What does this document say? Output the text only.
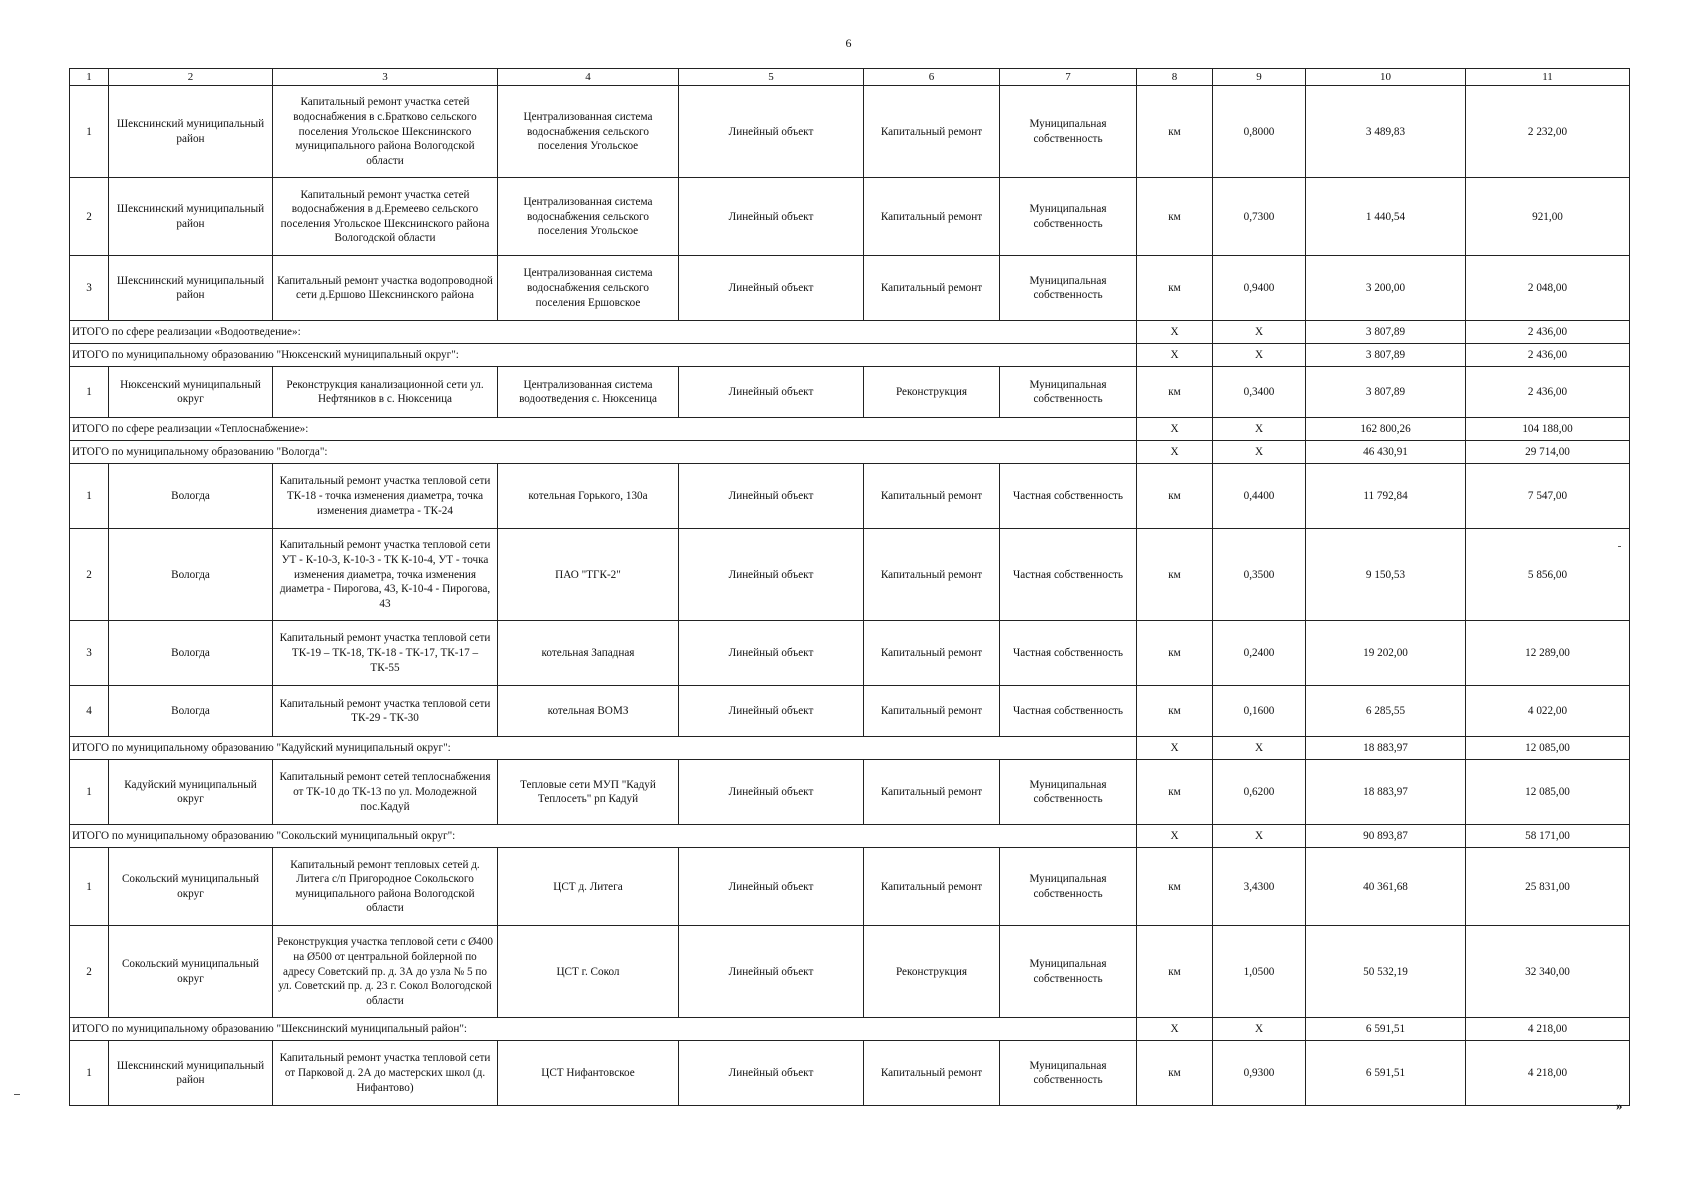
6
1	2	3	4	5	6	7	8	9	10	11
1	Шекснинский муниципальный район	Капитальный ремонт участка сетей водоснабжения в с.Братково сельского поселения Угольское Шекснинского муниципального района Вологодской области	Централизованная система водоснабжения сельского поселения Угольское	Линейный объект	Капитальный ремонт	Муниципальная собственность	км	0,8000	3 489,83	2 232,00
2	Шекснинский муниципальный район	Капитальный ремонт участка сетей водоснабжения в д.Еремеево сельского поселения Угольское Шекснинского района Вологодской области	Централизованная система водоснабжения сельского поселения Угольское	Линейный объект	Капитальный ремонт	Муниципальная собственность	км	0,7300	1 440,54	921,00
3	Шекснинский муниципальный район	Капитальный ремонт участка водопроводной сети д.Ершово Шекснинского района	Централизованная система водоснабжения сельского поселения Ершовское	Линейный объект	Капитальный ремонт	Муниципальная собственность	км	0,9400	3 200,00	2 048,00
ИТОГО по сфере реализации «Водоотведение»:							X	X	3 807,89	2 436,00
ИТОГО по муниципальному образованию "Нюксенский муниципальный округ":							X	X	3 807,89	2 436,00
1	Нюксенский муниципальный округ	Реконструкция канализационной сети ул. Нефтяников в с. Нюксеница	Централизованная система водоотведения с. Нюксеница	Линейный объект	Реконструкция	Муниципальная собственность	км	0,3400	3 807,89	2 436,00
ИТОГО по сфере реализации «Теплоснабжение»:							X	X	162 800,26	104 188,00
ИТОГО по муниципальному образованию "Вологда":							X	X	46 430,91	29 714,00
1	Вологда	Капитальный ремонт участка тепловой сети ТК-18 - точка изменения диаметра, точка изменения диаметра - ТК-24	котельная Горького, 130а	Линейный объект	Капитальный ремонт	Частная собственность	км	0,4400	11 792,84	7 547,00
2	Вологда	Капитальный ремонт участка тепловой сети УТ - К-10-3, К-10-3 - ТК К-10-4, УТ - точка изменения диаметра, точка изменения диаметра - Пирогова, 43, К-10-4 - Пирогова, 43	ПАО "ТГК-2"	Линейный объект	Капитальный ремонт	Частная собственность	км	0,3500	9 150,53	5 856,00
3	Вологда	Капитальный ремонт участка тепловой сети ТК-19 – ТК-18, ТК-18 - ТК-17, ТК-17 – ТК-55	котельная Западная	Линейный объект	Капитальный ремонт	Частная собственность	км	0,2400	19 202,00	12 289,00
4	Вологда	Капитальный ремонт участка тепловой сети ТК-29 - ТК-30	котельная ВОМЗ	Линейный объект	Капитальный ремонт	Частная собственность	км	0,1600	6 285,55	4 022,00
ИТОГО по муниципальному образованию "Кадуйский муниципальный округ":							X	X	18 883,97	12 085,00
1	Кадуйский муниципальный округ	Капитальный ремонт сетей теплоснабжения от ТК-10 до ТК-13 по ул. Молодежной пос.Кадуй	Тепловые сети МУП "Кадуй Теплосеть" рп Кадуй	Линейный объект	Капитальный ремонт	Муниципальная собственность	км	0,6200	18 883,97	12 085,00
ИТОГО по муниципальному образованию "Сокольский муниципальный округ":							X	X	90 893,87	58 171,00
1	Сокольский муниципальный округ	Капитальный ремонт тепловых сетей д. Литега с/п Пригородное Сокольского муниципального района Вологодской области	ЦСТ д. Литега	Линейный объект	Капитальный ремонт	Муниципальная собственность	км	3,4300	40 361,68	25 831,00
2	Сокольский муниципальный округ	Реконструкция участка тепловой сети с Ø400 на Ø500 от центральной бойлерной по адресу Советский пр. д. 3А до узла № 5 по ул. Советский пр. д. 23 г. Сокол Вологодской области	ЦСТ г. Сокол	Линейный объект	Реконструкция	Муниципальная собственность	км	1,0500	50 532,19	32 340,00
ИТОГО по муниципальному образованию "Шекснинский муниципальный район":							X	X	6 591,51	4 218,00
1	Шекснинский муниципальный район	Капитальный ремонт участка тепловой сети от Парковой д. 2А до мастерских школ (д. Нифантово)	ЦСТ Нифантовское	Линейный объект	Капитальный ремонт	Муниципальная собственность	км	0,9300	6 591,51	4 218,00
»
